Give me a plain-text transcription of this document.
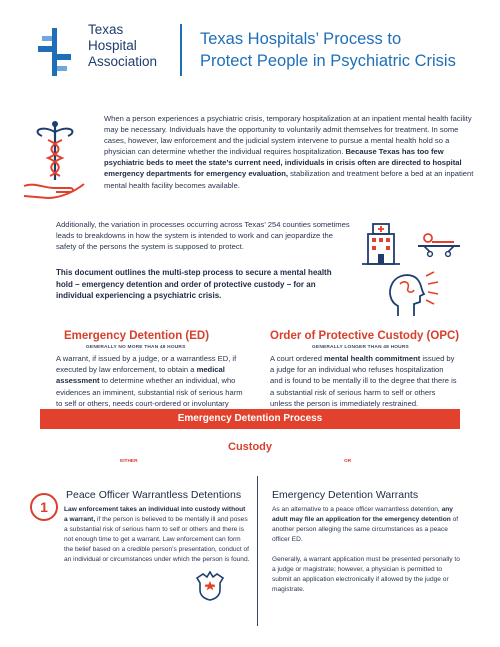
Texas
Hospital
Association
Texas Hospitals’ Process to
Protect People in Psychiatric Crisis

When a person experiences a psychiatric crisis, temporary hospitalization at an inpatient mental health facility may be necessary. Individuals have the opportunity to voluntarily admit themselves for treatment. In some cases, however, law enforcement and the judicial system intervene to pursue a mental health hold so a physician can determine whether the individual requires hospitalization. Because Texas has too few psychiatric beds to meet the state’s current need, individuals in crisis often are directed to hospital emergency departments for emergency evaluation, stabilization and treatment before a bed at an inpatient mental health facility becomes available.

Additionally, the variation in processes occurring across Texas’ 254 counties sometimes leads to breakdowns in how the system is intended to work and can jeopardize the safety of the persons the system is supposed to protect.

This document outlines the multi-step process to secure a mental health hold – emergency detention and order of protective custody – for an individual experiencing a psychiatric crisis.

Emergency Detention (ED)
GENERALLY NO MORE THAN 48 HOURS

A warrant, if issued by a judge, or a warrantless ED, if executed by law enforcement, to obtain a medical assessment to determine whether an individual, who evidences an imminent, substantial risk of serious harm to self or others, needs court-ordered or involuntary

Order of Protective Custody (OPC)
GENERALLY LONGER THAN 48 HOURS

A court ordered mental health commitment issued by a judge for an individual who refuses hospitalization and is found to be mentally ill to the degree that there is a substantial risk of serious harm to self or others unless the person is immediately restrained.

Emergency Detention Process
Custody
EITHER	OR
1
Peace Officer Warrantless Detentions

Law enforcement takes an individual into custody without a warrant, if the person is believed to be mentally ill and poses a substantial risk of serious harm to self or others and there is not enough time to get a warrant. Law enforcement can form the belief based on a credible person’s presentation, conduct of an individual or circumstances under which the person is found.

Emergency Detention Warrants

As an alternative to a peace officer warrantless detention, any adult may file an application for the emergency detention of another person alleging the same circumstances as a peace officer ED.

Generally, a warrant application must be presented personally to a judge or magistrate; however, a physician is permitted to submit an application electronically if allowed by the judge or magistrate.
